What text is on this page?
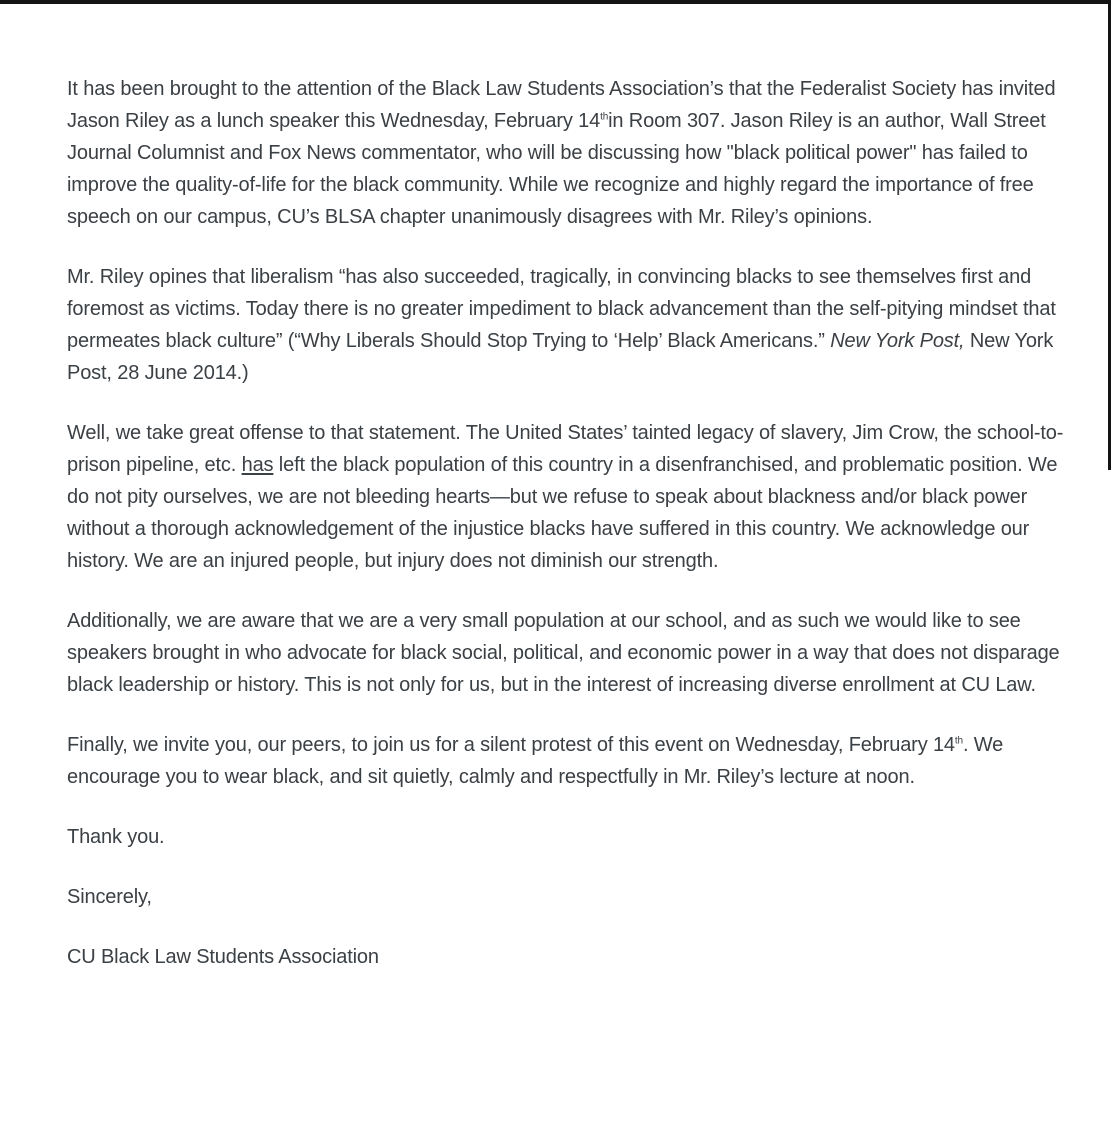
It has been brought to the attention of the Black Law Students Association’s that the Federalist Society has invited Jason Riley as a lunch speaker this Wednesday, February 14thin Room 307. Jason Riley is an author, Wall Street Journal Columnist and Fox News commentator, who will be discussing how "black political power" has failed to improve the quality-of-life for the black community. While we recognize and highly regard the importance of free speech on our campus, CU’s BLSA chapter unanimously disagrees with Mr. Riley’s opinions.

Mr. Riley opines that liberalism “has also succeeded, tragically, in convincing blacks to see themselves first and foremost as victims. Today there is no greater impediment to black advancement than the self-pitying mindset that permeates black culture” (“Why Liberals Should Stop Trying to ‘Help’ Black Americans.” New York Post, New York Post, 28 June 2014.)

Well, we take great offense to that statement. The United States’ tainted legacy of slavery, Jim Crow, the school-to-prison pipeline, etc. has left the black population of this country in a disenfranchised, and problematic position. We do not pity ourselves, we are not bleeding hearts—but we refuse to speak about blackness and/or black power without a thorough acknowledgement of the injustice blacks have suffered in this country. We acknowledge our history. We are an injured people, but injury does not diminish our strength.

Additionally, we are aware that we are a very small population at our school, and as such we would like to see speakers brought in who advocate for black social, political, and economic power in a way that does not disparage black leadership or history. This is not only for us, but in the interest of increasing diverse enrollment at CU Law.

Finally, we invite you, our peers, to join us for a silent protest of this event on Wednesday, February 14th. We encourage you to wear black, and sit quietly, calmly and respectfully in Mr. Riley’s lecture at noon.

Thank you.

Sincerely,

CU Black Law Students Association
